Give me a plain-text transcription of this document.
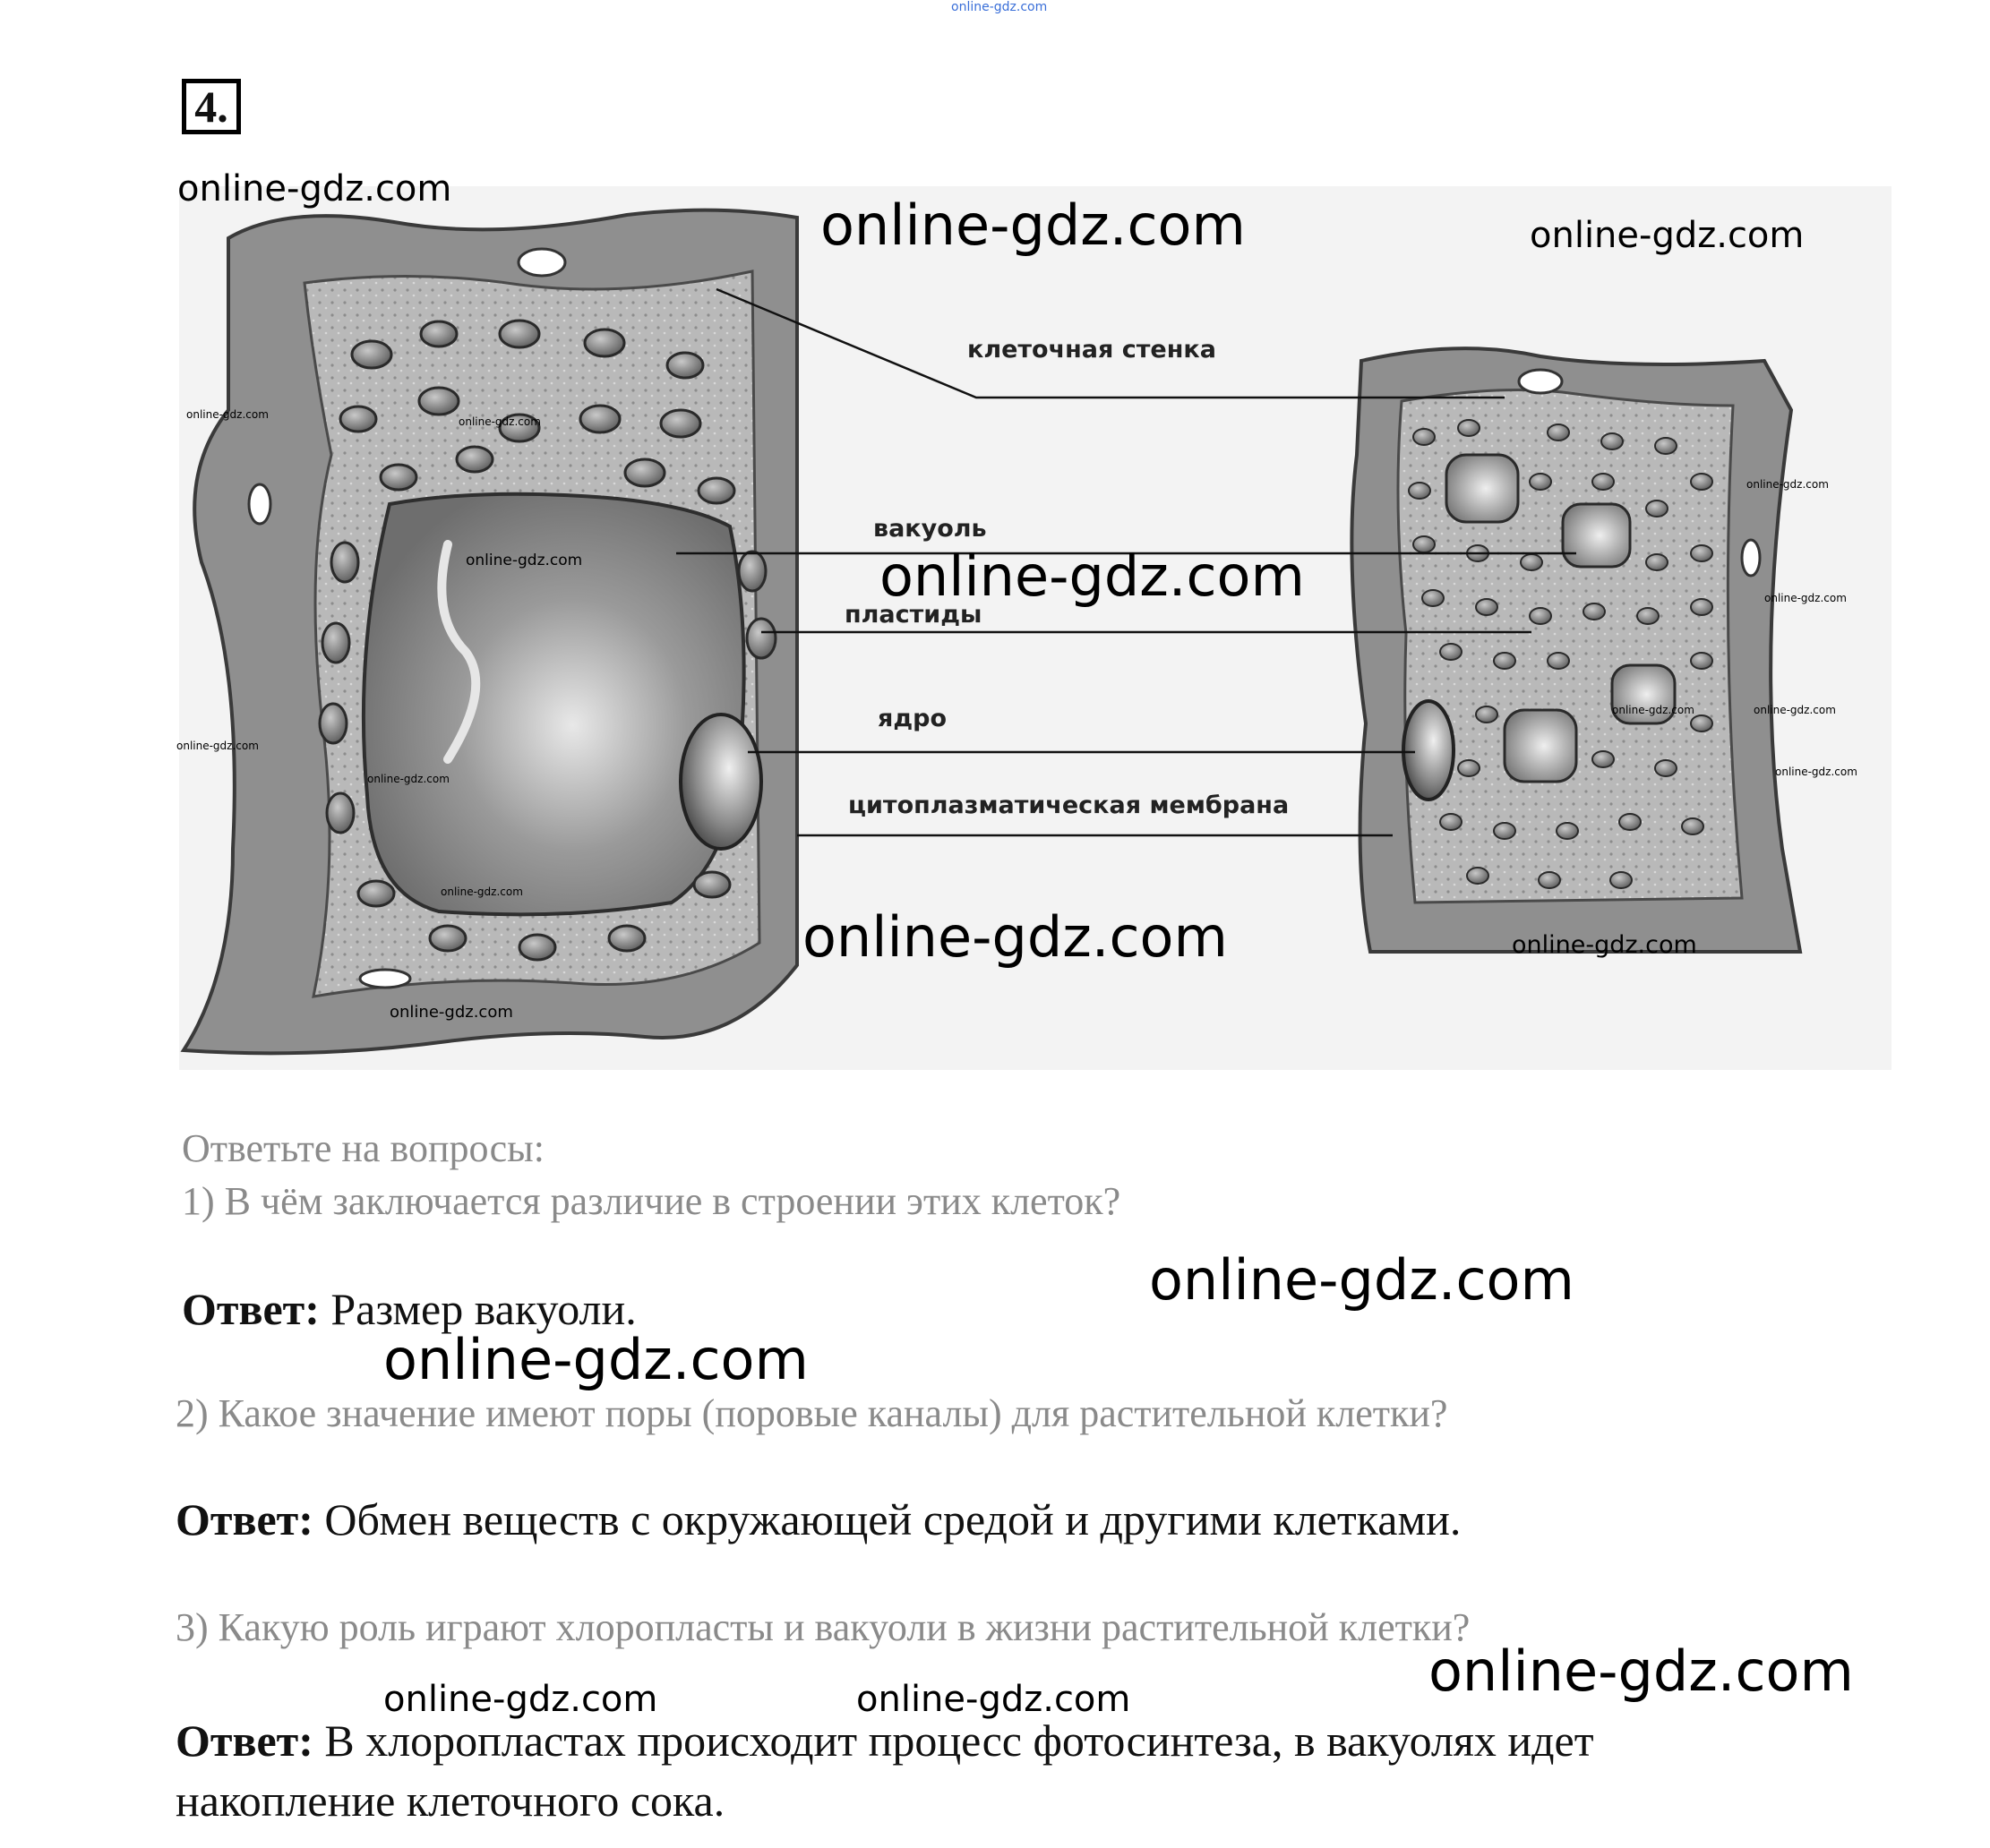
online-gdz.com
4.
клеточная стенка
вакуоль
пластиды
ядро
цитоплазматическая мембрана
online-gdz.com
online-gdz.com	online-gdz.com
online-gdz.com
online-gdz.com
online-gdz.com
online-gdz.com	online-gdz.com	online-gdz.com
online-gdz.com	online-gdz.com
online-gdz.com
online-gdz.com
online-gdz.com
online-gdz.com
online-gdz.com	online-gdz.com
online-gdz.com
Ответьте на вопросы:
1) В чём заключается различие в строении этих клеток?
online-gdz.com
Ответ: Размер вакуоли.
online-gdz.com
2) Какое значение имеют поры (поровые каналы) для растительной клетки?
Ответ: Обмен веществ с окружающей средой и другими клетками.
3) Какую роль играют хлоропласты и вакуоли в жизни растительной клетки?
online-gdz.com
online-gdz.com	online-gdz.com
Ответ: В хлоропластах происходит процесс фотосинтеза, в вакуолях идет
накопление клеточного сока.
